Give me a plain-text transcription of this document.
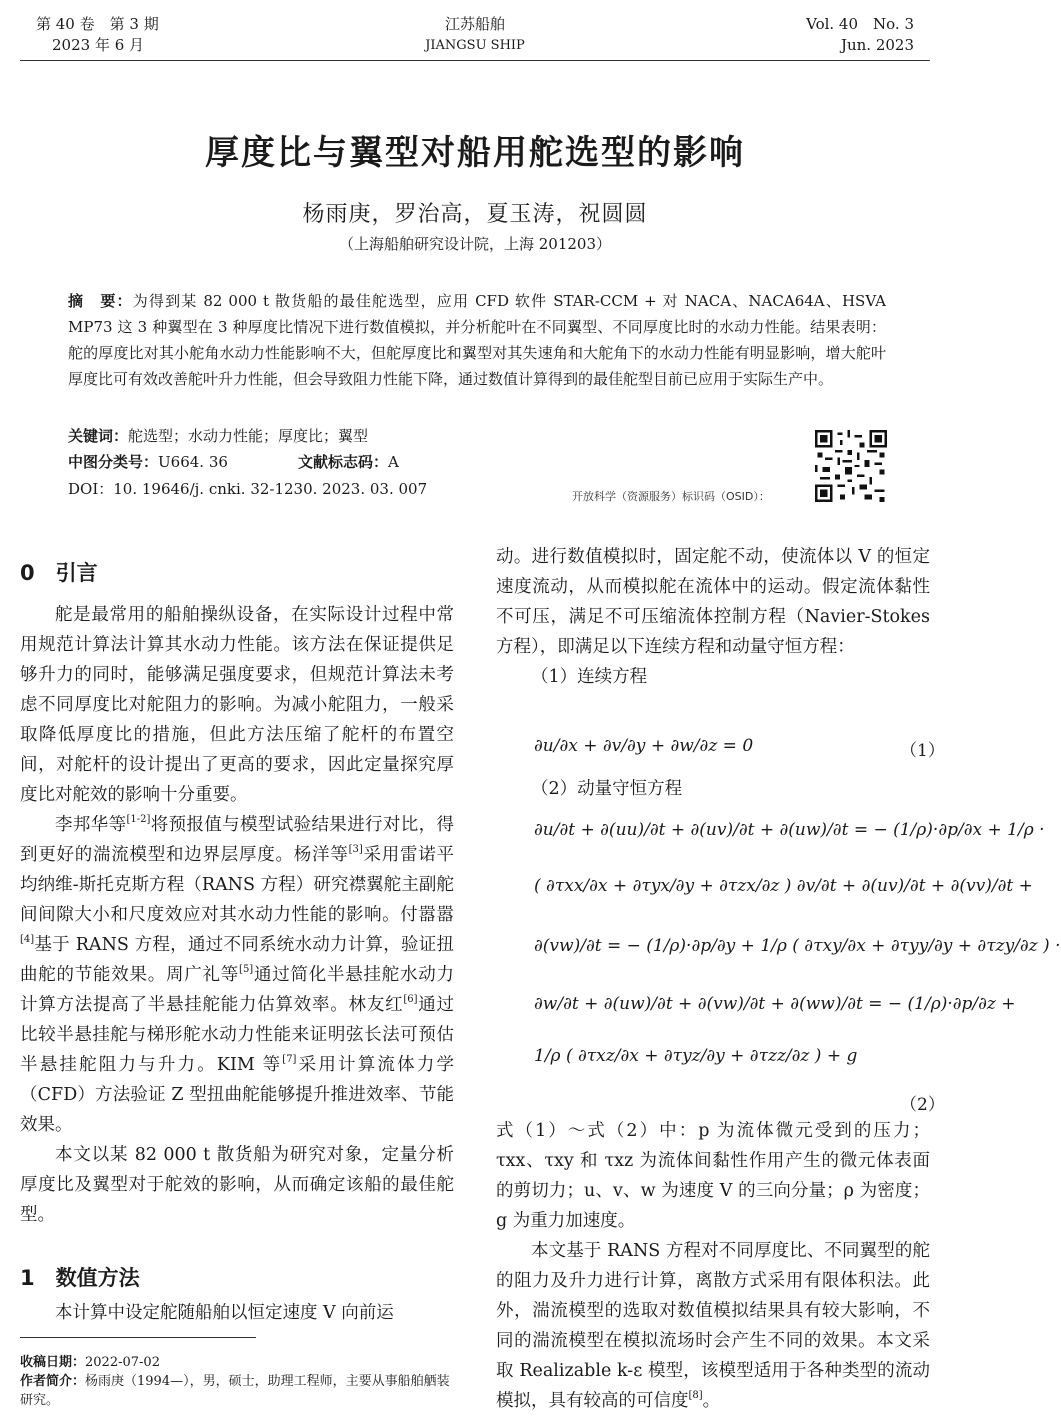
第 40 卷　第 3 期
2023 年 6 月
江苏船舶
JIANGSU SHIP
Vol. 40　No. 3
Jun. 2023
厚度比与翼型对船用舵选型的影响
杨雨庚，罗治高，夏玉涛，祝圆圆
（上海船舶研究设计院，上海 201203）
摘　要：为得到某 82 000 t 散货船的最佳舵选型，应用 CFD 软件 STAR-CCM + 对 NACA、NACA64A、HSVA MP73 这 3 种翼型在 3 种厚度比情况下进行数值模拟，并分析舵叶在不同翼型、不同厚度比时的水动力性能。结果表明：舵的厚度比对其小舵角水动力性能影响不大，但舵厚度比和翼型对其失速角和大舵角下的水动力性能有明显影响，增大舵叶厚度比可有效改善舵叶升力性能，但会导致阻力性能下降，通过数值计算得到的最佳舵型目前已应用于实际生产中。
关键词：舵选型；水动力性能；厚度比；翼型
中图分类号：U664. 36	文献标志码：A
DOI：10. 19646/j. cnki. 32-1230. 2023. 03. 007	开放科学（资源服务）标识码（OSID）：
0　 引言

舵是最常用的船舶操纵设备，在实际设计过程中常用规范计算法计算其水动力性能。该方法在保证提供足够升力的同时，能够满足强度要求，但规范计算法未考虑不同厚度比对舵阻力的影响。为减小舵阻力，一般采取降低厚度比的措施，但此方法压缩了舵杆的布置空间，对舵杆的设计提出了更高的要求，因此定量探究厚度比对舵效的影响十分重要。

李邦华等[1-2]将预报值与模型试验结果进行对比，得到更好的湍流模型和边界层厚度。杨洋等[3]采用雷诺平均纳维-斯托克斯方程（RANS 方程）研究襟翼舵主副舵间间隙大小和尺度效应对其水动力性能的影响。付嚣嚣[4]基于 RANS 方程，通过不同系统水动力计算，验证扭曲舵的节能效果。周广礼等[5]通过简化半悬挂舵水动力计算方法提高了半悬挂舵能力估算效率。林友红[6]通过比较半悬挂舵与梯形舵水动力性能来证明弦长法可预估半悬挂舵阻力与升力。KIM 等[7]采用计算流体力学（CFD）方法验证 Z 型扭曲舵能够提升推进效率、节能效果。

本文以某 82 000 t 散货船为研究对象，定量分析厚度比及翼型对于舵效的影响，从而确定该船的最佳舵型。

1　 数值方法

本计算中设定舵随船舶以恒定速度 V 向前运

收稿日期：2022-07-02
作者简介：杨雨庚（1994—），男，硕士，助理工程师，主要从事船舶舾装研究。

动。进行数值模拟时，固定舵不动，使流体以 V 的恒定速度流动，从而模拟舵在流体中的运动。假定流体黏性不可压，满足不可压缩流体控制方程（Navier-Stokes 方程），即满足以下连续方程和动量守恒方程：

（1）连续方程

∂u/∂x + ∂v/∂y + ∂w/∂z = 0	（1）

（2）动量守恒方程

∂u/∂t + ∂(uu)/∂t + ∂(uv)/∂t + ∂(uw)/∂t = − (1/ρ)·∂p/∂x + 1/ρ ·
( ∂τxx/∂x + ∂τyx/∂y + ∂τzx/∂z ) ∂v/∂t + ∂(uv)/∂t + ∂(vv)/∂t +
∂(vw)/∂t = − (1/ρ)·∂p/∂y + 1/ρ ( ∂τxy/∂x + ∂τyy/∂y + ∂τzy/∂z ) ·
∂w/∂t + ∂(uw)/∂t + ∂(vw)/∂t + ∂(ww)/∂t = − (1/ρ)·∂p/∂z +
1/ρ ( ∂τxz/∂x + ∂τyz/∂y + ∂τzz/∂z ) + g
（2）

式（1）～式（2）中：p 为流体微元受到的压力；τxx、τxy 和 τxz 为流体间黏性作用产生的微元体表面的剪切力；u、v、w 为速度 V 的三向分量；ρ 为密度；g 为重力加速度。

本文基于 RANS 方程对不同厚度比、不同翼型的舵的阻力及升力进行计算，离散方式采用有限体积法。此外，湍流模型的选取对数值模拟结果具有较大影响，不同的湍流模型在模拟流场时会产生不同的效果。本文采取 Realizable k-ε 模型，该模型适用于各种类型的流动模拟，具有较高的可信度[8]。
